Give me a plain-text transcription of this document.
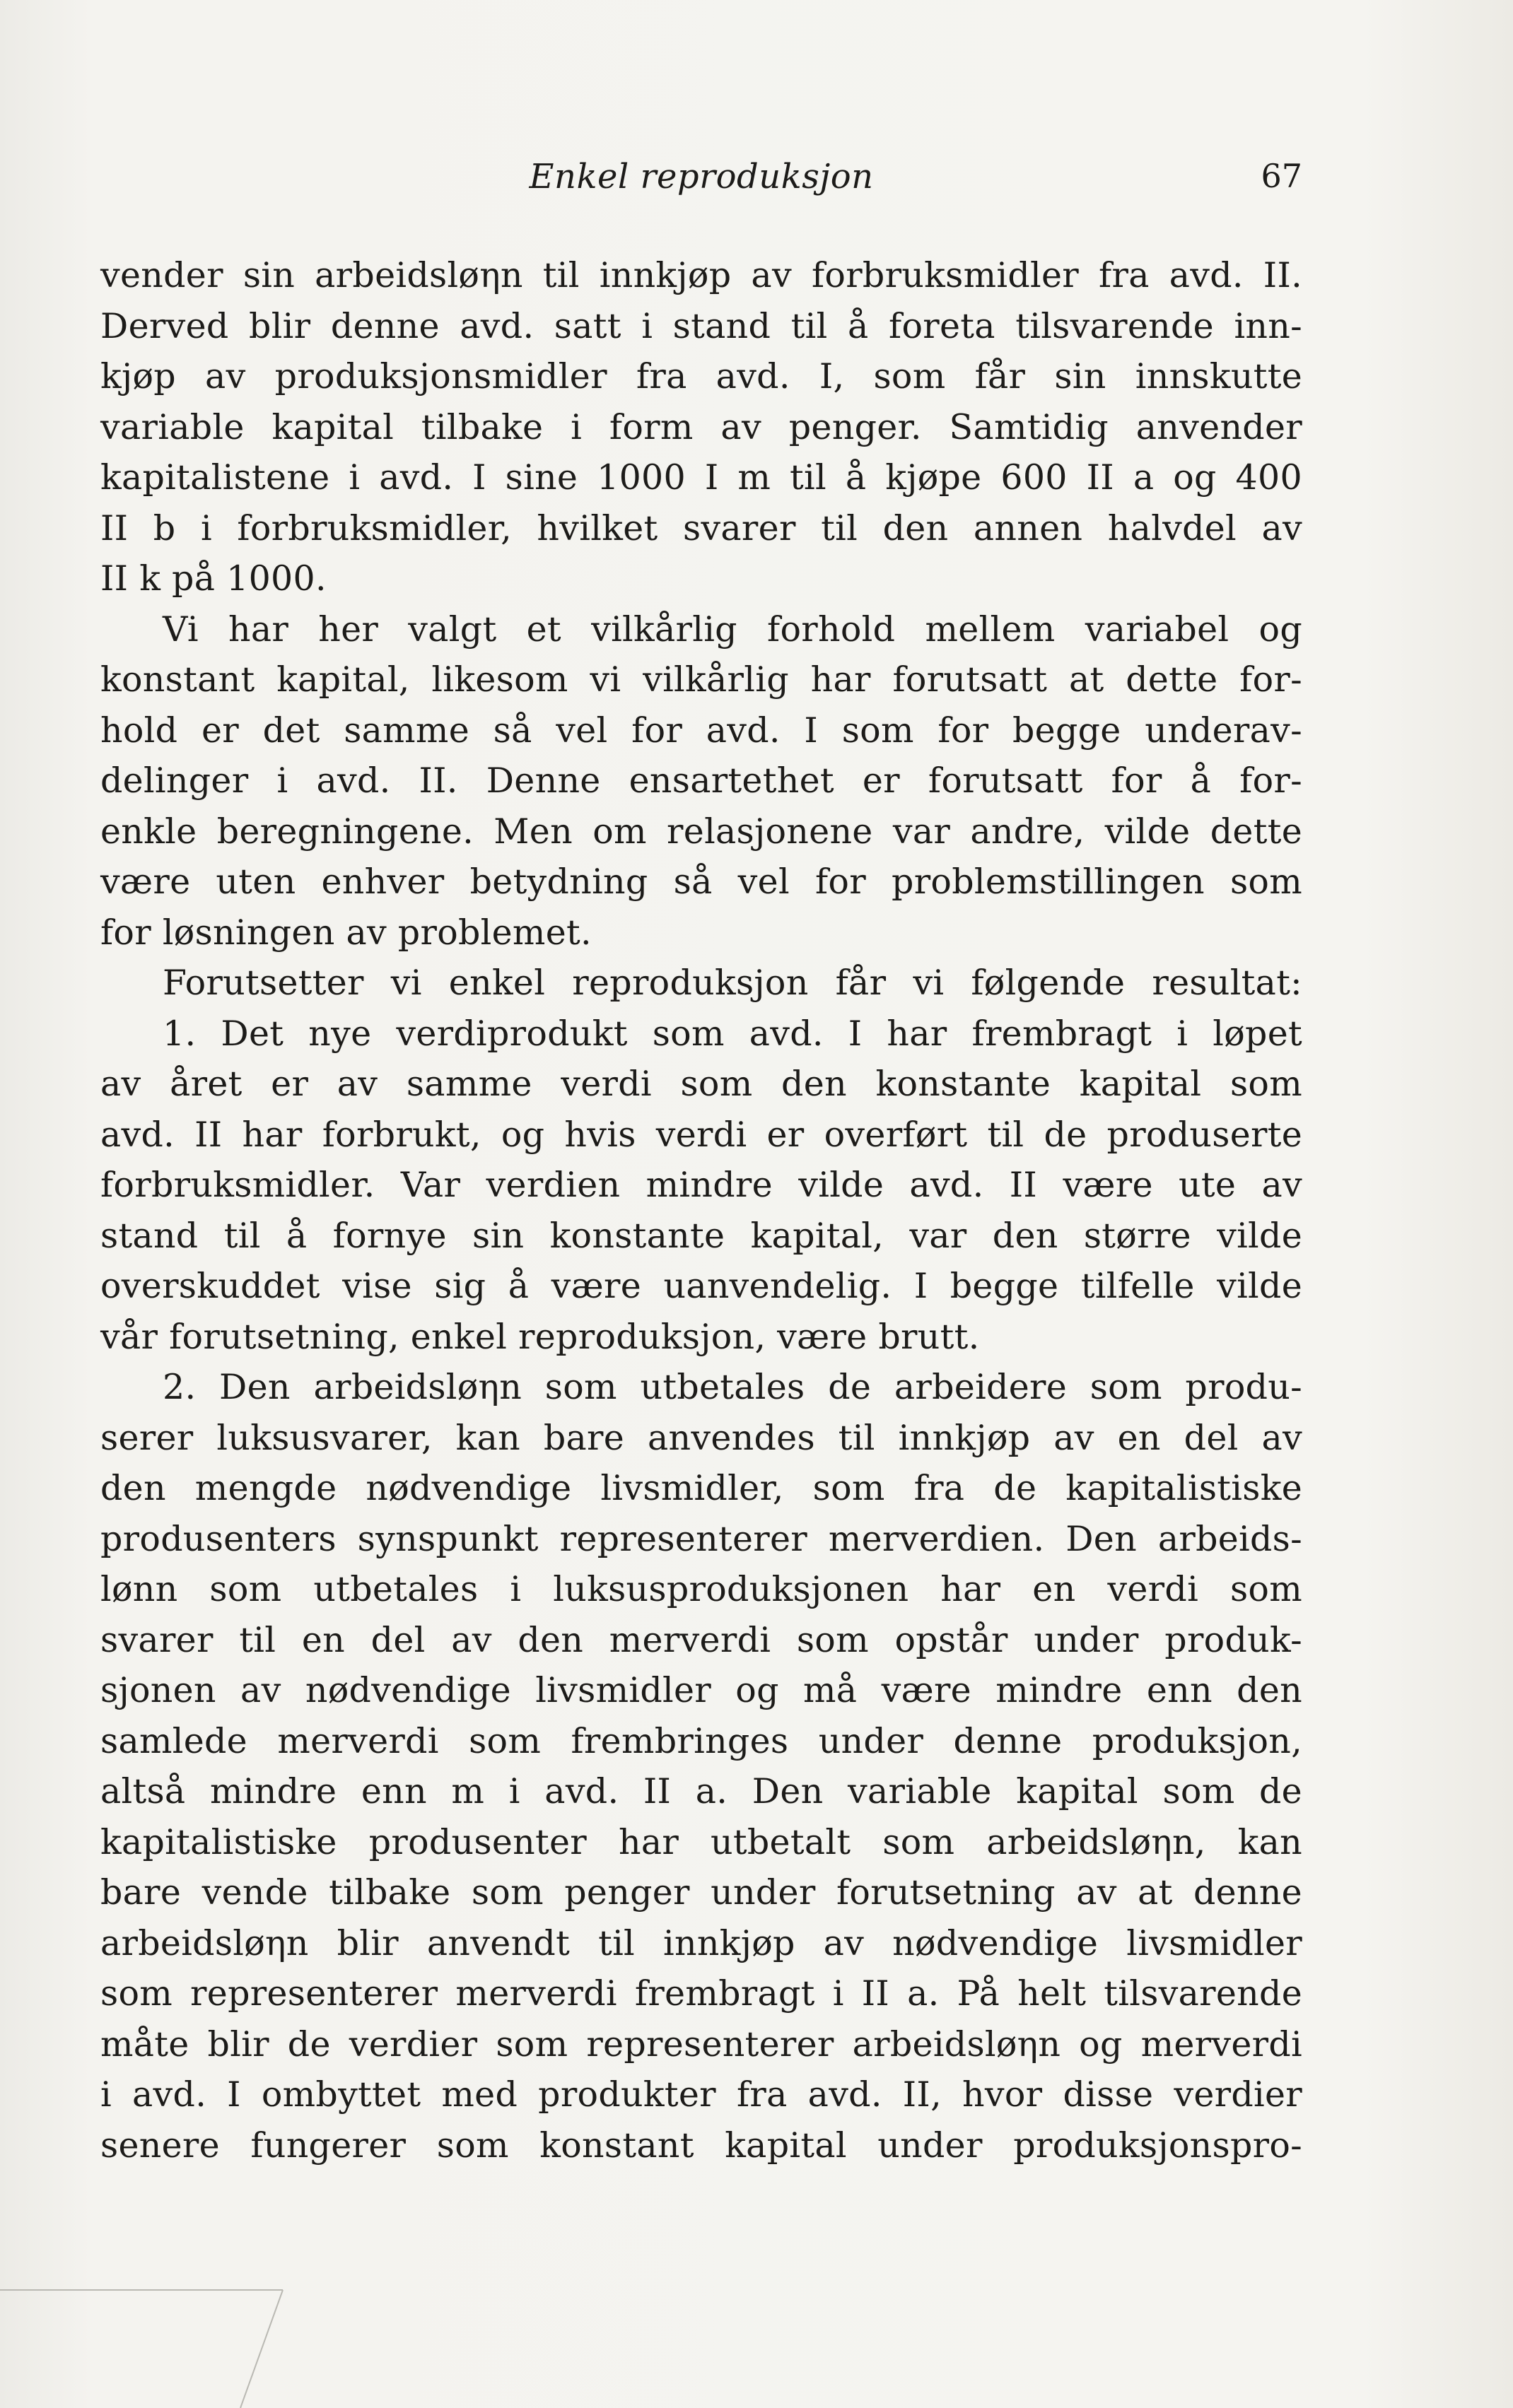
Enkel reproduksjon	67
vender sin arbeidsløηn til innkjøp av forbruksmidler fra avd. II.
Derved blir denne avd. satt i stand til å foreta tilsvarende inn-
kjøp av produksjonsmidler fra avd. I, som får sin innskutte
variable kapital tilbake i form av penger. Samtidig anvender
kapitalistene i avd. I sine 1000 I m til å kjøpe 600 II a og 400
II b i forbruksmidler, hvilket svarer til den annen halvdel av
II k på 1000.
Vi har her valgt et vilkårlig forhold mellem variabel og
konstant kapital, likesom vi vilkårlig har forutsatt at dette for-
hold er det samme så vel for avd. I som for begge underav-
delinger i avd. II. Denne ensartethet er forutsatt for å for-
enkle beregningene. Men om relasjonene var andre, vilde dette
være uten enhver betydning så vel for problemstillingen som
for løsningen av problemet.
Forutsetter vi enkel reproduksjon får vi følgende resultat:
1. Det nye verdiprodukt som avd. I har frembragt i løpet
av året er av samme verdi som den konstante kapital som
avd. II har forbrukt, og hvis verdi er overført til de produserte
forbruksmidler. Var verdien mindre vilde avd. II være ute av
stand til å fornye sin konstante kapital, var den større vilde
overskuddet vise sig å være uanvendelig. I begge tilfelle vilde
vår forutsetning, enkel reproduksjon, være brutt.
2. Den arbeidsløηn som utbetales de arbeidere som produ-
serer luksusvarer, kan bare anvendes til innkjøp av en del av
den mengde nødvendige livsmidler, som fra de kapitalistiske
produsenters synspunkt representerer merverdien. Den arbeids-
lønn som utbetales i luksusproduksjonen har en verdi som
svarer til en del av den merverdi som opstår under produk-
sjonen av nødvendige livsmidler og må være mindre enn den
samlede merverdi som frembringes under denne produksjon,
altså mindre enn m i avd. II a. Den variable kapital som de
kapitalistiske produsenter har utbetalt som arbeidsløηn, kan
bare vende tilbake som penger under forutsetning av at denne
arbeidsløηn blir anvendt til innkjøp av nødvendige livsmidler
som representerer merverdi frembragt i II a. På helt tilsvarende
måte blir de verdier som representerer arbeidsløηn og merverdi
i avd. I ombyttet med produkter fra avd. II, hvor disse verdier
senere fungerer som konstant kapital under produksjonspro-
